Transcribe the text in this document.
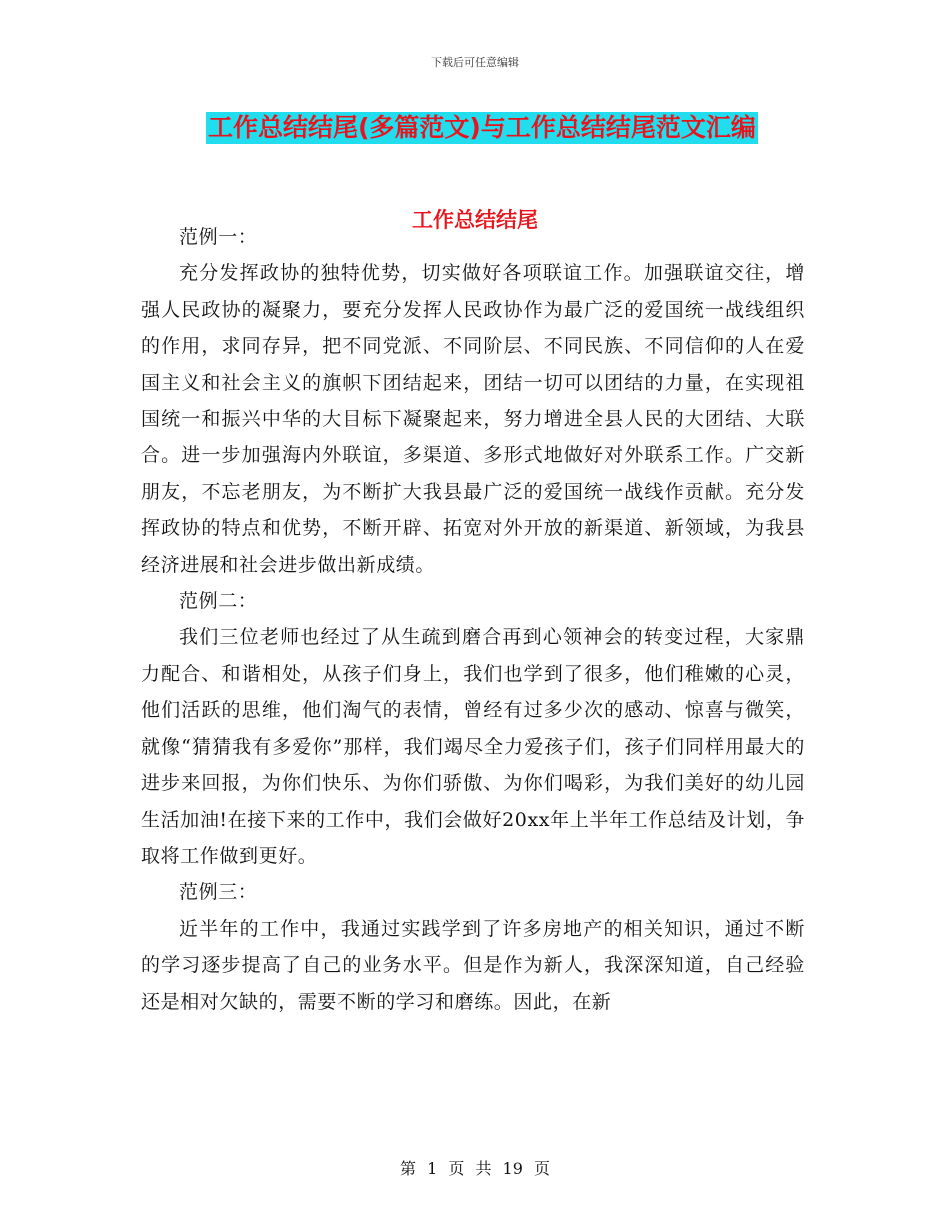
下载后可任意编辑
工作总结结尾(多篇范文)与工作总结结尾范文汇编
工作总结结尾

范例一：

充分发挥政协的独特优势，切实做好各项联谊工作。加强联谊交往，增强人民政协的凝聚力，要充分发挥人民政协作为最广泛的爱国统一战线组织的作用，求同存异，把不同党派、不同阶层、不同民族、不同信仰的人在爱国主义和社会主义的旗帜下团结起来，团结一切可以团结的力量，在实现祖国统一和振兴中华的大目标下凝聚起来，努力增进全县人民的大团结、大联合。进一步加强海内外联谊，多渠道、多形式地做好对外联系工作。广交新朋友，不忘老朋友，为不断扩大我县最广泛的爱国统一战线作贡献。充分发挥政协的特点和优势，不断开辟、拓宽对外开放的新渠道、新领域，为我县经济进展和社会进步做出新成绩。

范例二：

我们三位老师也经过了从生疏到磨合再到心领神会的转变过程，大家鼎力配合、和谐相处，从孩子们身上，我们也学到了很多，他们稚嫩的心灵，他们活跃的思维，他们淘气的表情，曾经有过多少次的感动、惊喜与微笑，就像“猜猜我有多爱你”那样，我们竭尽全力爱孩子们，孩子们同样用最大的进步来回报，为你们快乐、为你们骄傲、为你们喝彩，为我们美好的幼儿园生活加油!在接下来的工作中，我们会做好20xx年上半年工作总结及计划，争取将工作做到更好。

范例三：

近半年的工作中，我通过实践学到了许多房地产的相关知识，通过不断的学习逐步提高了自己的业务水平。但是作为新人，我深深知道，自己经验还是相对欠缺的，需要不断的学习和磨练。因此，在新

第 1 页 共 19 页
